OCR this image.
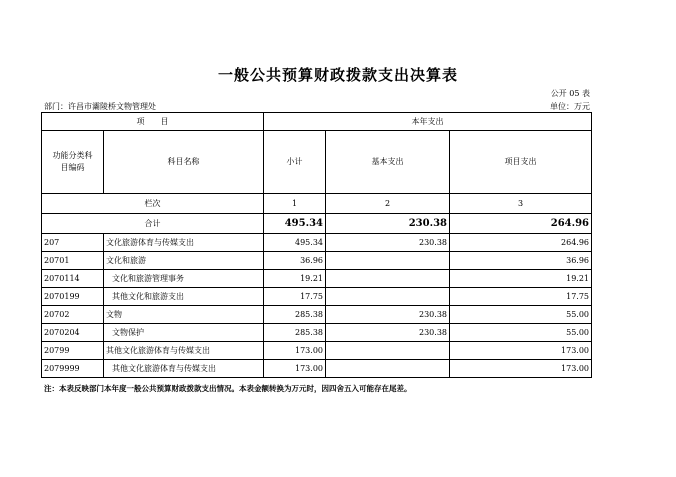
一般公共预算财政拨款支出决算表
公开 05 表
部门：许昌市灞陵桥文物管理处	单位：万元
项　　目		本年支出		
功能分类科目编码	科目名称	小计	基本支出	项目支出
栏次		1	2	3
合计		495.34	230.38	264.96
207	文化旅游体育与传媒支出	495.34	230.38	264.96
20701	文化和旅游	36.96		36.96
2070114	文化和旅游管理事务	19.21		19.21
2070199	其他文化和旅游支出	17.75		17.75
20702	文物	285.38	230.38	55.00
2070204	文物保护	285.38	230.38	55.00
20799	其他文化旅游体育与传媒支出	173.00		173.00
2079999	其他文化旅游体育与传媒支出	173.00		173.00
注：本表反映部门本年度一般公共预算财政拨款支出情况。本表金额转换为万元时，因四舍五入可能存在尾差。
